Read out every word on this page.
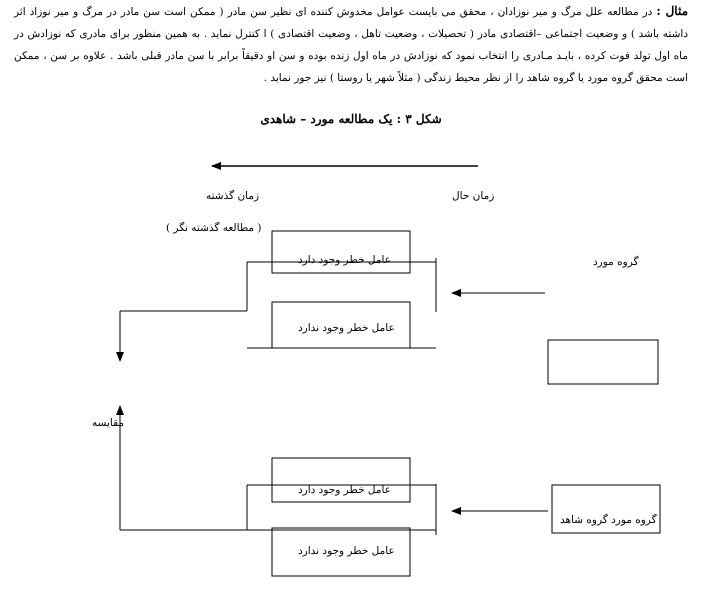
مثال : در مطالعه علل مرگ و میر نوزادان ، محقق می بایست عوامل مخدوش کننده ای نظیر سن مادر ( ممکن است سن مادر در مرگ و میر نوزاد اثر داشته باشد ) و وضعیت اجتماعی –اقتصادی مادر ( تحصیلات ، وضعیت تاهل ، وضعیت اقتصادی ) ا کنترل نماید . به همین منظور برای مادری که نوزادش در ماه اول تولد فوت کرده ، بایـد مـادری را انتخاب نمود که نوزادش در ماه اول زنده بوده و سن او دقیقاً برابر با سن مادر قبلی باشد . علاوه بر سن ، ممکن است محقق گروه مورد یا گروه شاهد را از نظر محیط زندگی ( مثلاً شهر یا روستا ) نیز جور نماید .
شکل ۳ : یک مطالعه مورد – شاهدی
زمان حال
زمان گذشته
( مطالعه گذشته نگر )
گروه مورد
مقایسه
عامل خطر وجود دارد
عامل خطر وجود ندارد
عامل خطر وجود دارد
عامل خطر وجود ندارد
گروه مورد گروه شاهد
